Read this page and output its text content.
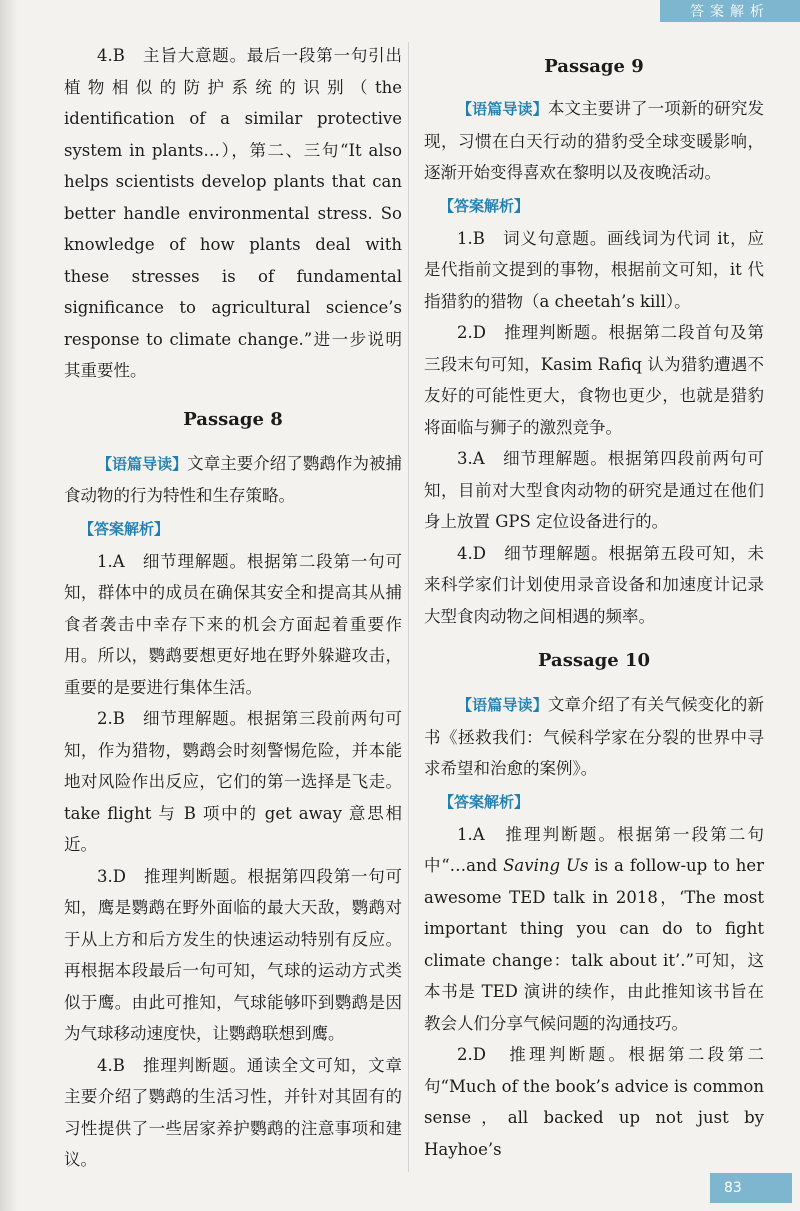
答案解析

4.B　主旨大意题。最后一段第一句引出植物相似的防护系统的识别（the identification of a similar protective system in plants…），第二、三句“It also helps scientists develop plants that can better handle environmental stress. So knowledge of how plants deal with these stresses is of fundamental significance to agricultural science’s response to climate change.”进一步说明其重要性。

Passage 8

【语篇导读】文章主要介绍了鹦鹉作为被捕食动物的行为特性和生存策略。

【答案解析】

1.A　细节理解题。根据第二段第一句可知，群体中的成员在确保其安全和提高其从捕食者袭击中幸存下来的机会方面起着重要作用。所以，鹦鹉要想更好地在野外躲避攻击，重要的是要进行集体生活。

2.B　细节理解题。根据第三段前两句可知，作为猎物，鹦鹉会时刻警惕危险，并本能地对风险作出反应，它们的第一选择是飞走。take flight 与 B 项中的 get away 意思相近。

3.D　推理判断题。根据第四段第一句可知，鹰是鹦鹉在野外面临的最大天敌，鹦鹉对于从上方和后方发生的快速运动特别有反应。再根据本段最后一句可知，气球的运动方式类似于鹰。由此可推知，气球能够吓到鹦鹉是因为气球移动速度快，让鹦鹉联想到鹰。

4.B　推理判断题。通读全文可知，文章主要介绍了鹦鹉的生活习性，并针对其固有的习性提供了一些居家养护鹦鹉的注意事项和建议。

Passage 9

【语篇导读】本文主要讲了一项新的研究发现，习惯在白天行动的猎豹受全球变暖影响，逐渐开始变得喜欢在黎明以及夜晚活动。

【答案解析】

1.B　词义句意题。画线词为代词 it，应是代指前文提到的事物，根据前文可知，it 代指猎豹的猎物（a cheetah’s kill）。

2.D　推理判断题。根据第二段首句及第三段末句可知，Kasim Rafiq 认为猎豹遭遇不友好的可能性更大，食物也更少，也就是猎豹将面临与狮子的激烈竞争。

3.A　细节理解题。根据第四段前两句可知，目前对大型食肉动物的研究是通过在他们身上放置 GPS 定位设备进行的。

4.D　细节理解题。根据第五段可知，未来科学家们计划使用录音设备和加速度计记录大型食肉动物之间相遇的频率。

Passage 10

【语篇导读】文章介绍了有关气候变化的新书《拯救我们：气候科学家在分裂的世界中寻求希望和治愈的案例》。

【答案解析】

1.A　推理判断题。根据第一段第二句中“…and Saving Us is a follow-up to her awesome TED talk in 2018，‘The most important thing you can do to fight climate change：talk about it’.”可知，这本书是 TED 演讲的续作，由此推知该书旨在教会人们分享气候问题的沟通技巧。

2.D　推理判断题。根据第二段第二句“Much of the book’s advice is common sense，all backed up not just by Hayhoe’s

83
